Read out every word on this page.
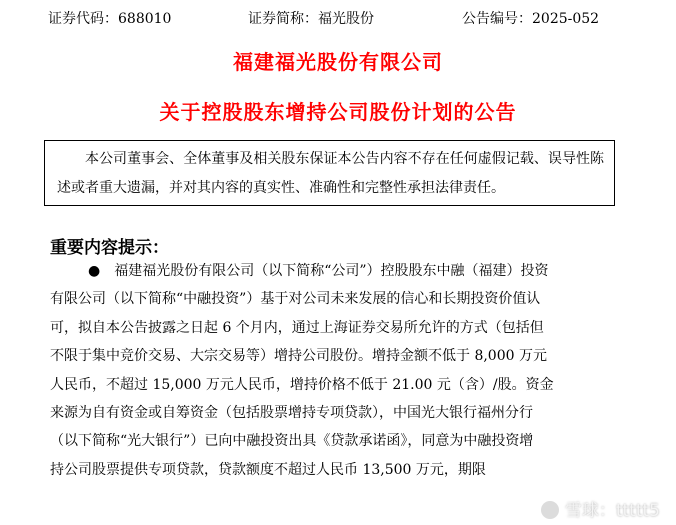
证券代码：688010	证券简称：福光股份	公告编号：2025-052
福建福光股份有限公司
关于控股股东增持公司股份计划的公告

本公司董事会、全体董事及相关股东保证本公告内容不存在任何虚假记载、误导性陈述或者重大遗漏，并对其内容的真实性、准确性和完整性承担法律责任。

重要内容提示：
● 福建福光股份有限公司（以下简称“公司”）控股股东中融（福建）投资
有限公司（以下简称“中融投资”）基于对公司未来发展的信心和长期投资价值认
可，拟自本公告披露之日起 6 个月内，通过上海证券交易所允许的方式（包括但
不限于集中竞价交易、大宗交易等）增持公司股份。增持金额不低于 8,000 万元
人民币，不超过 15,000 万元人民币，增持价格不低于 21.00 元（含）/股。资金
来源为自有资金或自筹资金（包括股票增持专项贷款），中国光大银行福州分行
（以下简称“光大银行”）已向中融投资出具《贷款承诺函》，同意为中融投资增
持公司股票提供专项贷款，贷款额度不超过人民币 13,500 万元，期限
雪球：ttttt5
